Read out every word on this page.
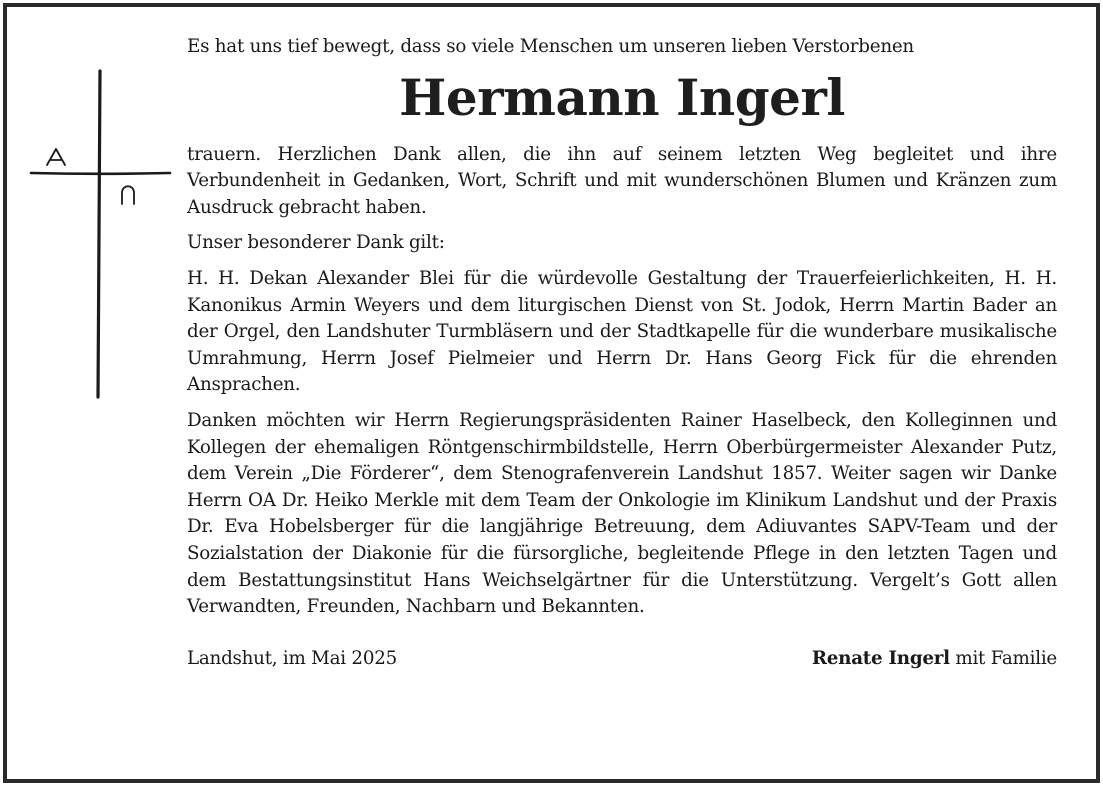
Es hat uns tief bewegt, dass so viele Menschen um unseren lieben Verstorbenen
Hermann Ingerl

trauern. Herzlichen Dank allen, die ihn auf seinem letzten Weg begleitet und ihre Verbundenheit in Gedanken, Wort, Schrift und mit wunderschönen Blumen und Kränzen zum Ausdruck gebracht haben.

Unser besonderer Dank gilt:

H. H. Dekan Alexander Blei für die würdevolle Gestaltung der Trauerfeierlichkeiten, H. H. Kanonikus Armin Weyers und dem liturgischen Dienst von St. Jodok, Herrn Martin Bader an der Orgel, den Landshuter Turmbläsern und der Stadtkapelle für die wunderbare musikalische Umrahmung, Herrn Josef Pielmeier und Herrn Dr. Hans Georg Fick für die ehrenden Ansprachen.

Danken möchten wir Herrn Regierungspräsidenten Rainer Haselbeck, den Kolleginnen und Kollegen der ehemaligen Röntgenschirmbildstelle, Herrn Oberbürgermeister Alexander Putz, dem Verein „Die Förderer“, dem Stenografenverein Landshut 1857. Weiter sagen wir Danke Herrn OA Dr. Heiko Merkle mit dem Team der Onkologie im Klinikum Landshut und der Praxis Dr. Eva Hobelsberger für die langjährige Betreuung, dem Adiuvantes SAPV-Team und der Sozialstation der Diakonie für die fürsorgliche, begleitende Pflege in den letzten Tagen und dem Bestattungsinstitut Hans Weichselgärtner für die Unterstützung. Vergelt’s Gott allen Verwandten, Freunden, Nachbarn und Bekannten.

Landshut, im Mai 2025	Renate Ingerl mit Familie
